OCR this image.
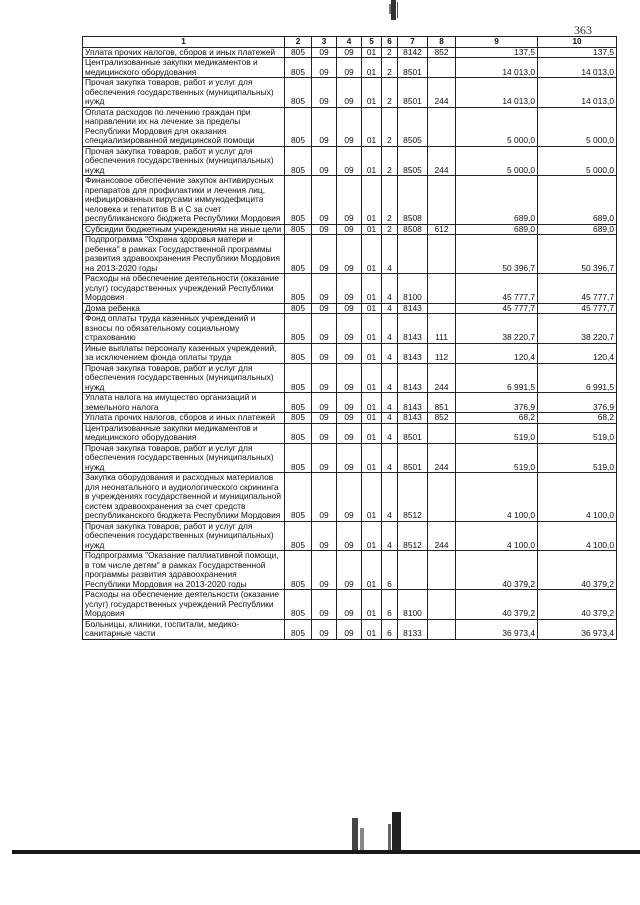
363
1	2	3	4	5	6	7	8	9	10
Уплата прочих налогов, сборов и иных платежей	805	09	09	01	2	8142	852	137,5	137,5
Централизованные закупки медикаментов и медицинского оборудования	805	09	09	01	2	8501		14 013,0	14 013,0
Прочая закупка товаров, работ и услуг для обеспечения государственных (муниципальных) нужд	805	09	09	01	2	8501	244	14 013,0	14 013,0
Оплата расходов по лечению граждан при направлении их на лечение за пределы Республики Мордовия для оказания специализированной медицинской помощи	805	09	09	01	2	8505		5 000,0	5 000,0
Прочая закупка товаров, работ и услуг для обеспечения государственных (муниципальных) нужд	805	09	09	01	2	8505	244	5 000,0	5 000,0
Финансовое обеспечение закупок антивирусных препаратов для профилактики и лечения лиц, инфицированных вирусами иммунодефицита человека и гепатитов В и С за счет республиканского бюджета Республики Мордовия	805	09	09	01	2	8508		689,0	689,0
Субсидии бюджетным учреждениям на иные цели	805	09	09	01	2	8508	612	689,0	689,0
Подпрограмма "Охрана здоровья матери и ребенка" в рамках Государственной программы развития здравоохранения Республики Мордовия на 2013-2020 годы	805	09	09	01	4			50 396,7	50 396,7
Расходы на обеспечение деятельности (оказание услуг) государственных учреждений Республики Мордовия	805	09	09	01	4	8100		45 777,7	45 777,7
Дома ребенка	805	09	09	01	4	8143		45 777,7	45 777,7
Фонд оплаты труда казенных учреждений и взносы по обязательному социальному страхованию	805	09	09	01	4	8143	111	38 220,7	38 220,7
Иные выплаты персоналу казенных учреждений, за исключением фонда оплаты труда	805	09	09	01	4	8143	112	120,4	120,4
Прочая закупка товаров, работ и услуг для обеспечения государственных (муниципальных) нужд	805	09	09	01	4	8143	244	6 991,5	6 991,5
Уплата налога на имущество организаций и земельного налога	805	09	09	01	4	8143	851	376,9	376,9
Уплата прочих налогов, сборов и иных платежей	805	09	09	01	4	8143	852	68,2	68,2
Централизованные закупки медикаментов и медицинского оборудования	805	09	09	01	4	8501		519,0	519,0
Прочая закупка товаров, работ и услуг для обеспечения государственных (муниципальных) нужд	805	09	09	01	4	8501	244	519,0	519,0
Закупка оборудования и расходных материалов для неонатального и аудиологического скрининга в учреждениях государственной и муниципальной систем здравоохранения за счет средств республиканского бюджета Республики Мордовия	805	09	09	01	4	8512		4 100,0	4 100,0
Прочая закупка товаров, работ и услуг для обеспечения государственных (муниципальных) нужд	805	09	09	01	4	8512	244	4 100,0	4 100,0
Подпрограмма "Оказание паллиативной помощи, в том числе детям" в рамках Государственной программы развития здравоохранения Республики Мордовия на 2013-2020 годы	805	09	09	01	6			40 379,2	40 379,2
Расходы на обеспечение деятельности (оказание услуг) государственных учреждений Республики Мордовия	805	09	09	01	6	8100		40 379,2	40 379,2
Больницы, клиники, госпитали, медико-санитарные части	805	09	09	01	6	8133		36 973,4	36 973,4
